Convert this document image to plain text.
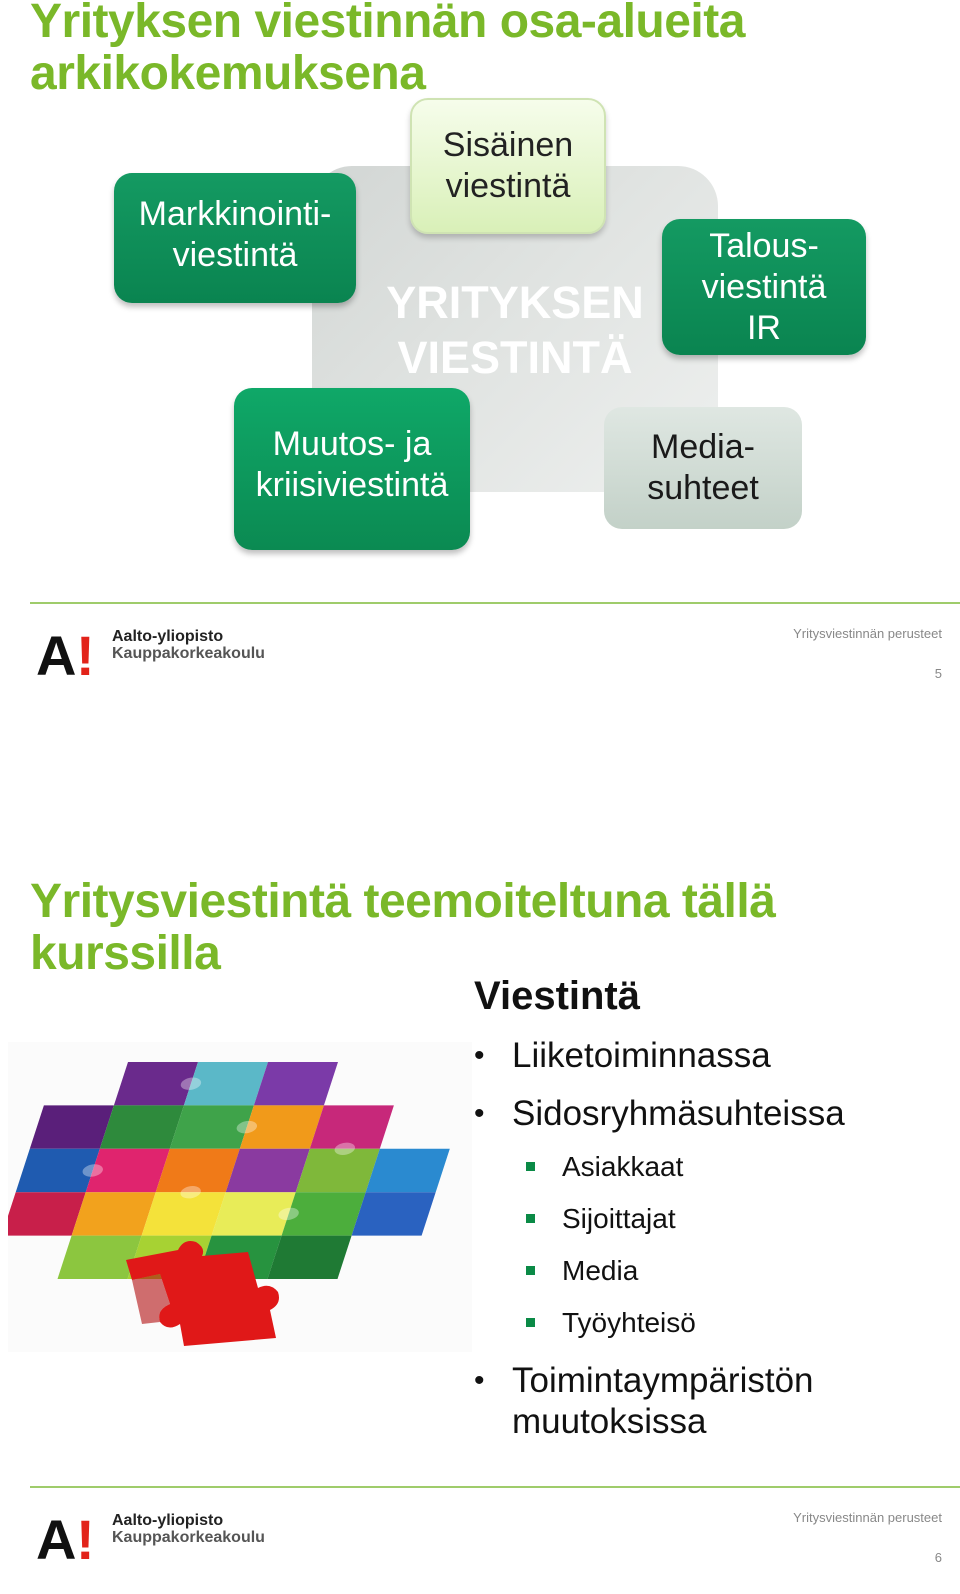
Yrityksen viestinnän osa-alueita
arkikokemuksena
YRITYKSEN
VIESTINTÄ
Sisäinen
viestintä
Markkinointi-
viestintä	Talous-
viestintä
IR
Muutos- ja
kriisiviestintä
Media-
suhteet
A ! Aalto-yliopisto
Kauppakorkeakoulu
Yritysviestinnän perusteet
5
Yritysviestintä teemoiteltuna tällä
kurssilla
Viestintä
• Liiketoiminnassa
• Sidosryhmäsuhteissa
Asiakkaat
Sijoittajat
Media
Työyhteisö
• Toimintaympäristön
muutoksissa
A ! Aalto-yliopisto
Kauppakorkeakoulu
Yritysviestinnän perusteet
6
